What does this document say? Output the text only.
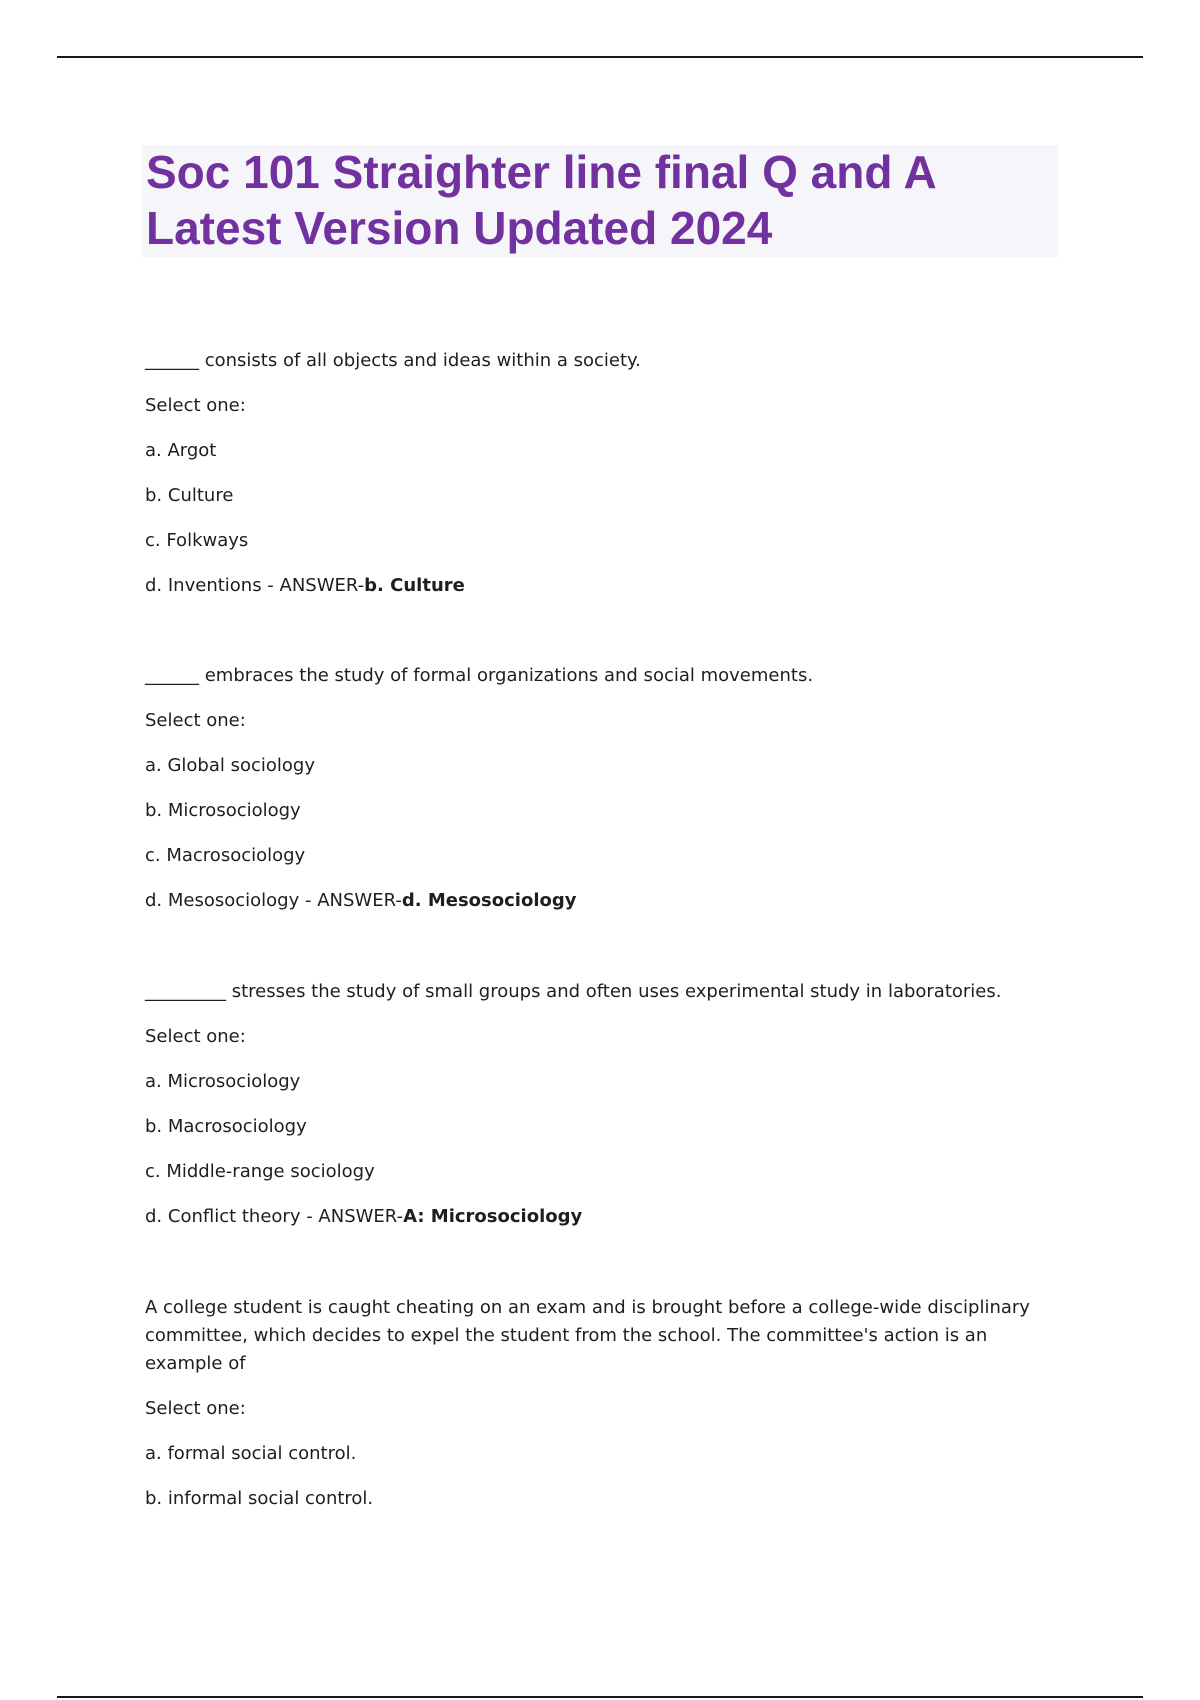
Soc 101 Straighter line final Q and A
Latest Version Updated 2024
______ consists of all objects and ideas within a society.
Select one:
a. Argot
b. Culture
c. Folkways
d. Inventions - ANSWER-b. Culture
______ embraces the study of formal organizations and social movements.
Select one:
a. Global sociology
b. Microsociology
c. Macrosociology
d. Mesosociology - ANSWER-d. Mesosociology
_________ stresses the study of small groups and often uses experimental study in laboratories.
Select one:
a. Microsociology
b. Macrosociology
c. Middle-range sociology
d. Conflict theory - ANSWER-A: Microsociology
A college student is caught cheating on an exam and is brought before a college-wide disciplinary committee, which decides to expel the student from the school. The committee's action is an example of
Select one:
a. formal social control.
b. informal social control.
